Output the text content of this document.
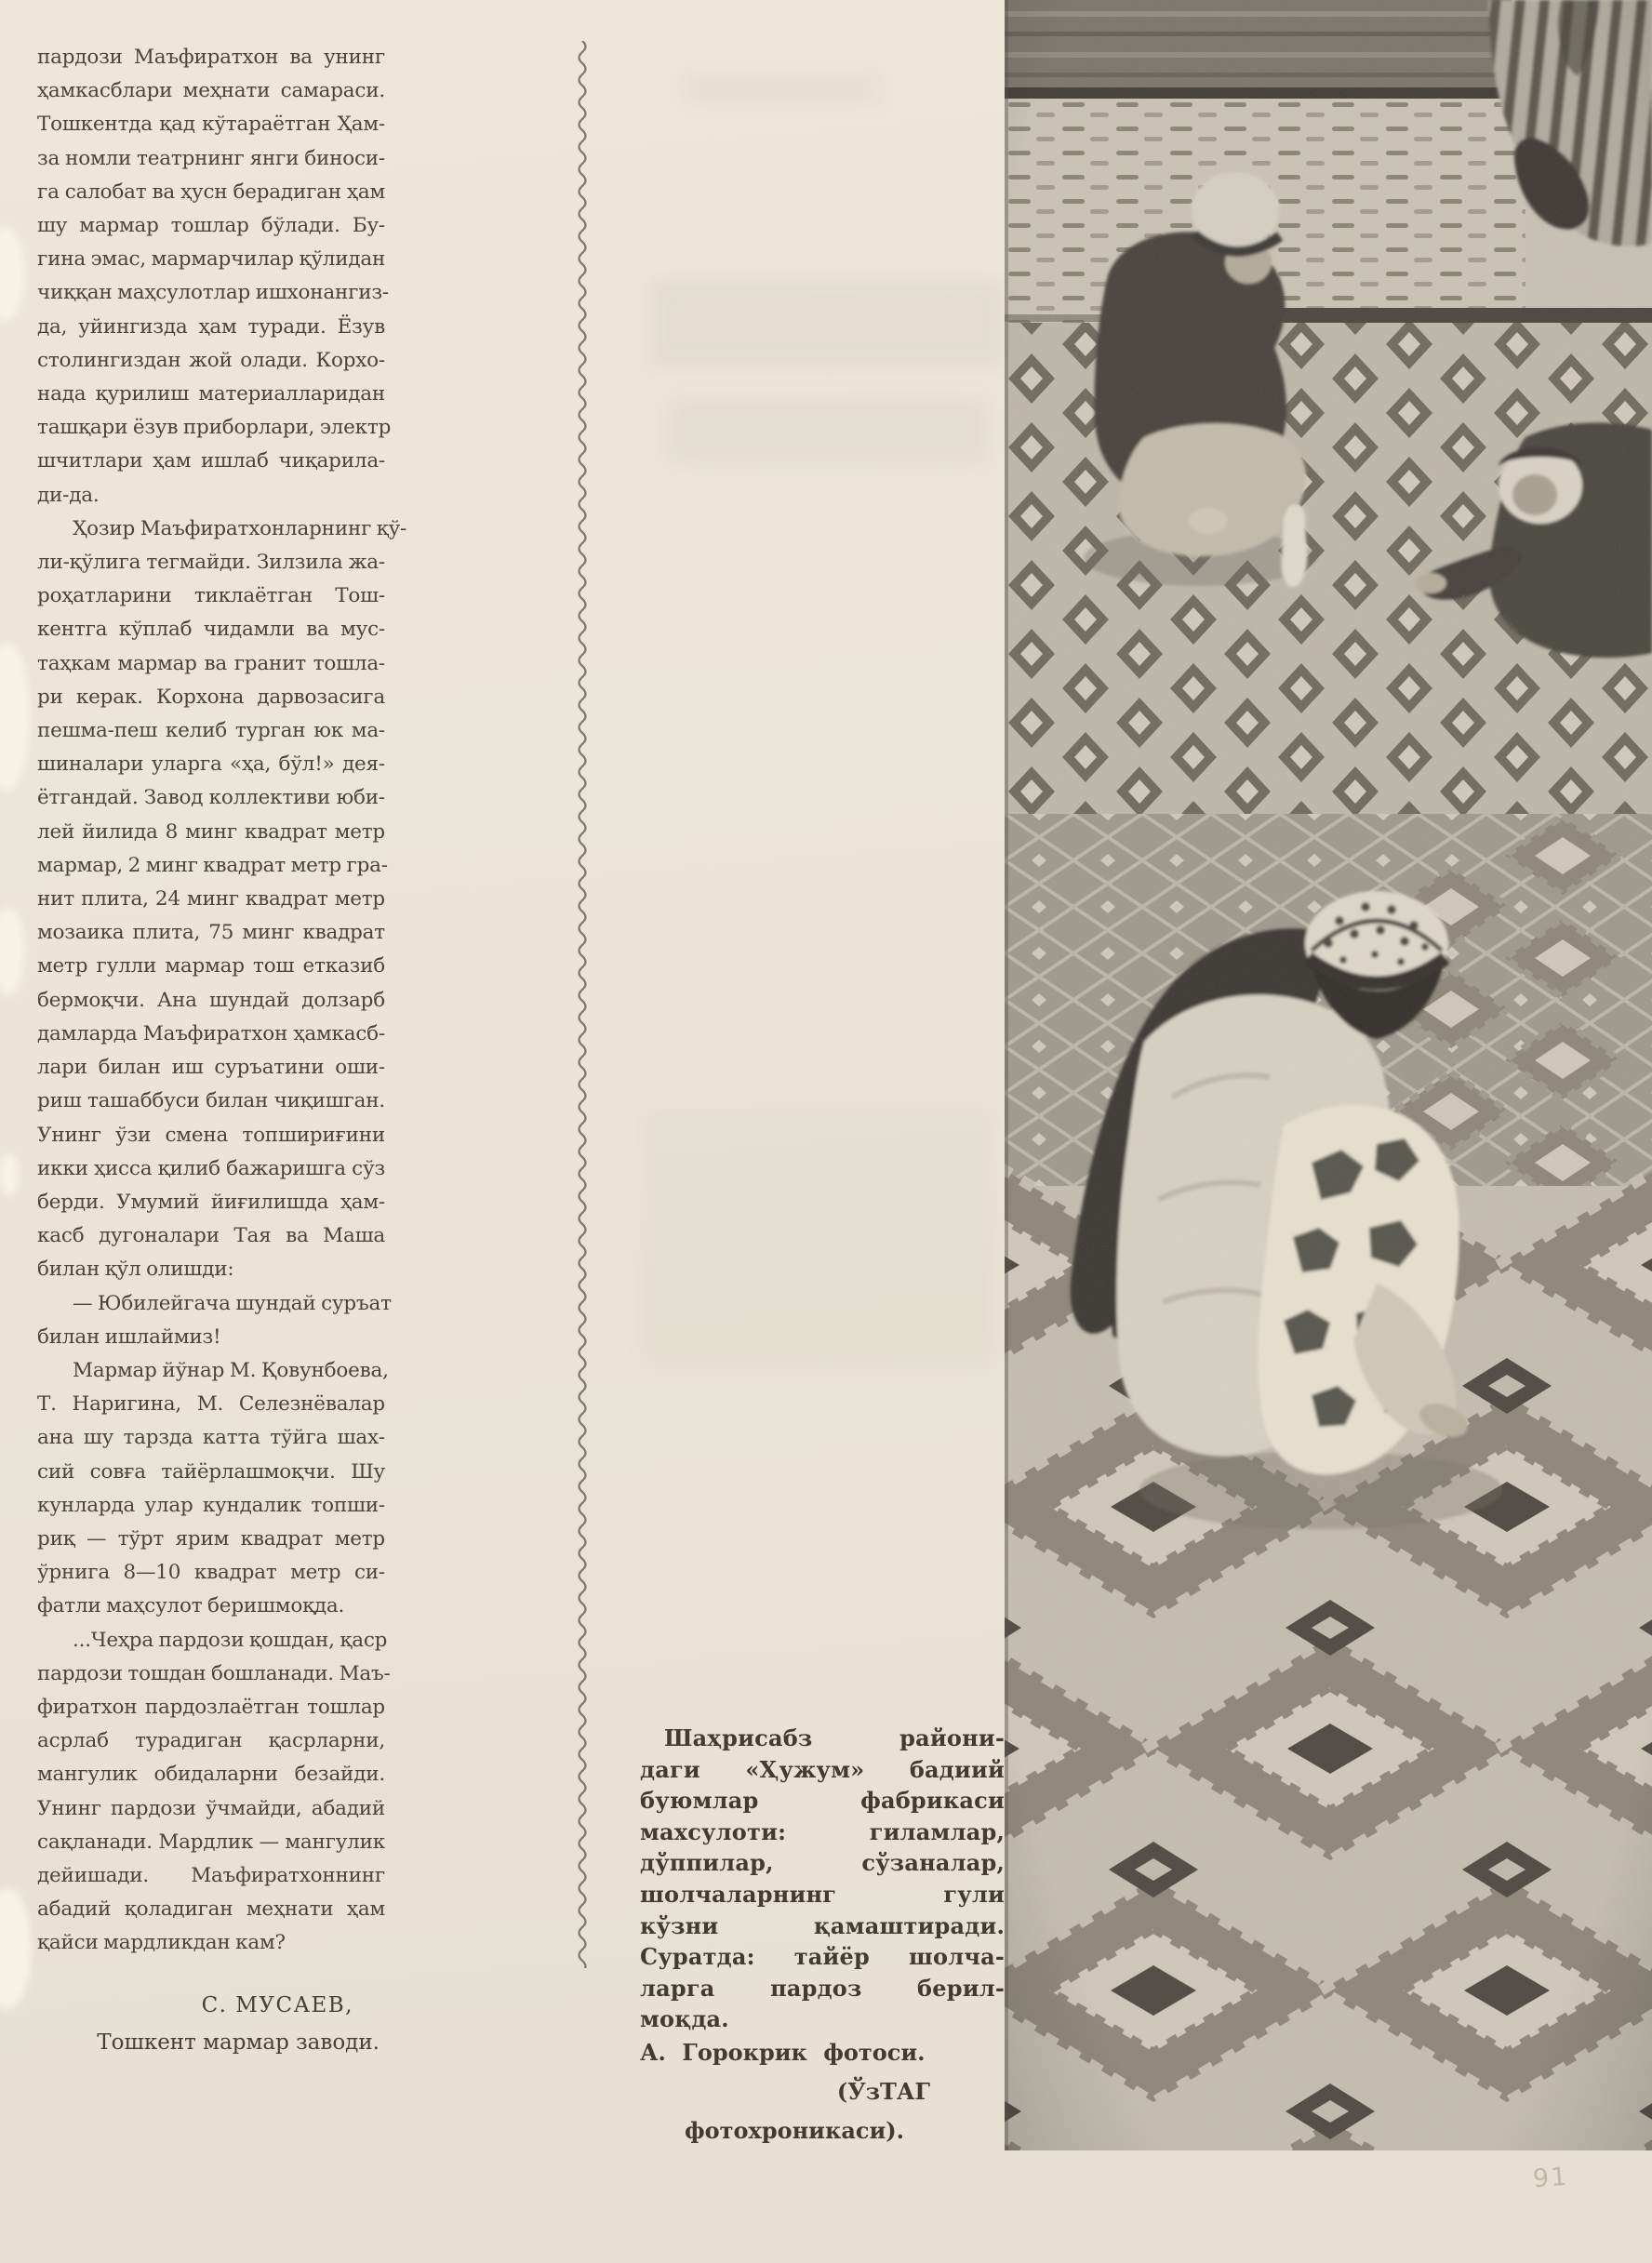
пардози Маъфиратхон ва унинг
ҳамкасблари меҳнати самараси.
Тошкентда қад кўтараётган Ҳам-
за номли театрнинг янги биноси-
га салобат ва ҳусн берадиган ҳам
шу мармар тошлар бўлади. Бу-
гина эмас, мармарчилар қўлидан
чиққан маҳсулотлар ишхонангиз-
да, уйингизда ҳам туради. Ёзув
столингиздан жой олади. Корхо-
нада қурилиш материалларидан
ташқари ёзув приборлари, электр
шчитлари ҳам ишлаб чиқарила-
ди-да.
Ҳозир Маъфиратхонларнинг қў-
ли-қўлига тегмайди. Зилзила жа-
роҳатларини тиклаётган Тош-
кентга кўплаб чидамли ва мус-
таҳкам мармар ва гранит тошла-
ри керак. Корхона дарвозасига
пешма-пеш келиб турган юк ма-
шиналари уларга «ҳа, бўл!» дея-
ётгандай. Завод коллективи юби-
лей йилида 8 минг квадрат метр
мармар, 2 минг квадрат метр гра-
нит плита, 24 минг квадрат метр
мозаика плита, 75 минг квадрат
метр гулли мармар тош етказиб
бермоқчи. Ана шундай долзарб
дамларда Маъфиратхон ҳамкасб-
лари билан иш суръатини оши-
риш ташаббуси билан чиқишган.
Унинг ўзи смена топшириғини
икки ҳисса қилиб бажаришга сўз
берди. Умумий йиғилишда ҳам-
касб дугоналари Тая ва Маша
билан қўл олишди:
— Юбилейгача шундай суръат
билан ишлаймиз!
Мармар йўнар М. Қовунбоева,
Т. Наригина, М. Селезнёвалар
ана шу тарзда катта тўйга шах-
сий совға тайёрлашмоқчи. Шу
кунларда улар кундалик топши-
риқ — тўрт ярим квадрат метр
ўрнига 8—10 квадрат метр си-
фатли маҳсулот беришмоқда.
...Чеҳра пардози қошдан, қаср
пардози тошдан бошланади. Маъ-
фиратхон пардозлаётган тошлар
асрлаб турадиган қасрларни,
мангулик обидаларни безайди.
Унинг пардози ўчмайди, абадий
сақланади. Мардлик — мангулик
дейишади. Маъфиратхоннинг
абадий қоладиган меҳнати ҳам
қайси мардликдан кам?
С. МУСАЕВ,
Тошкент мармар заводи.
Шаҳрисабз райони-
даги «Ҳужум» бадиий
буюмлар фабрикаси
махсулоти: гиламлар,
дўппилар, сўзаналар,
шолчаларнинг гули
кўзни қамаштиради.
Суратда: тайёр шолча-
ларга пардоз берил-
моқда.
А. Горокрик фотоси.
(ЎзТАГ
фотохроникаси).
91
